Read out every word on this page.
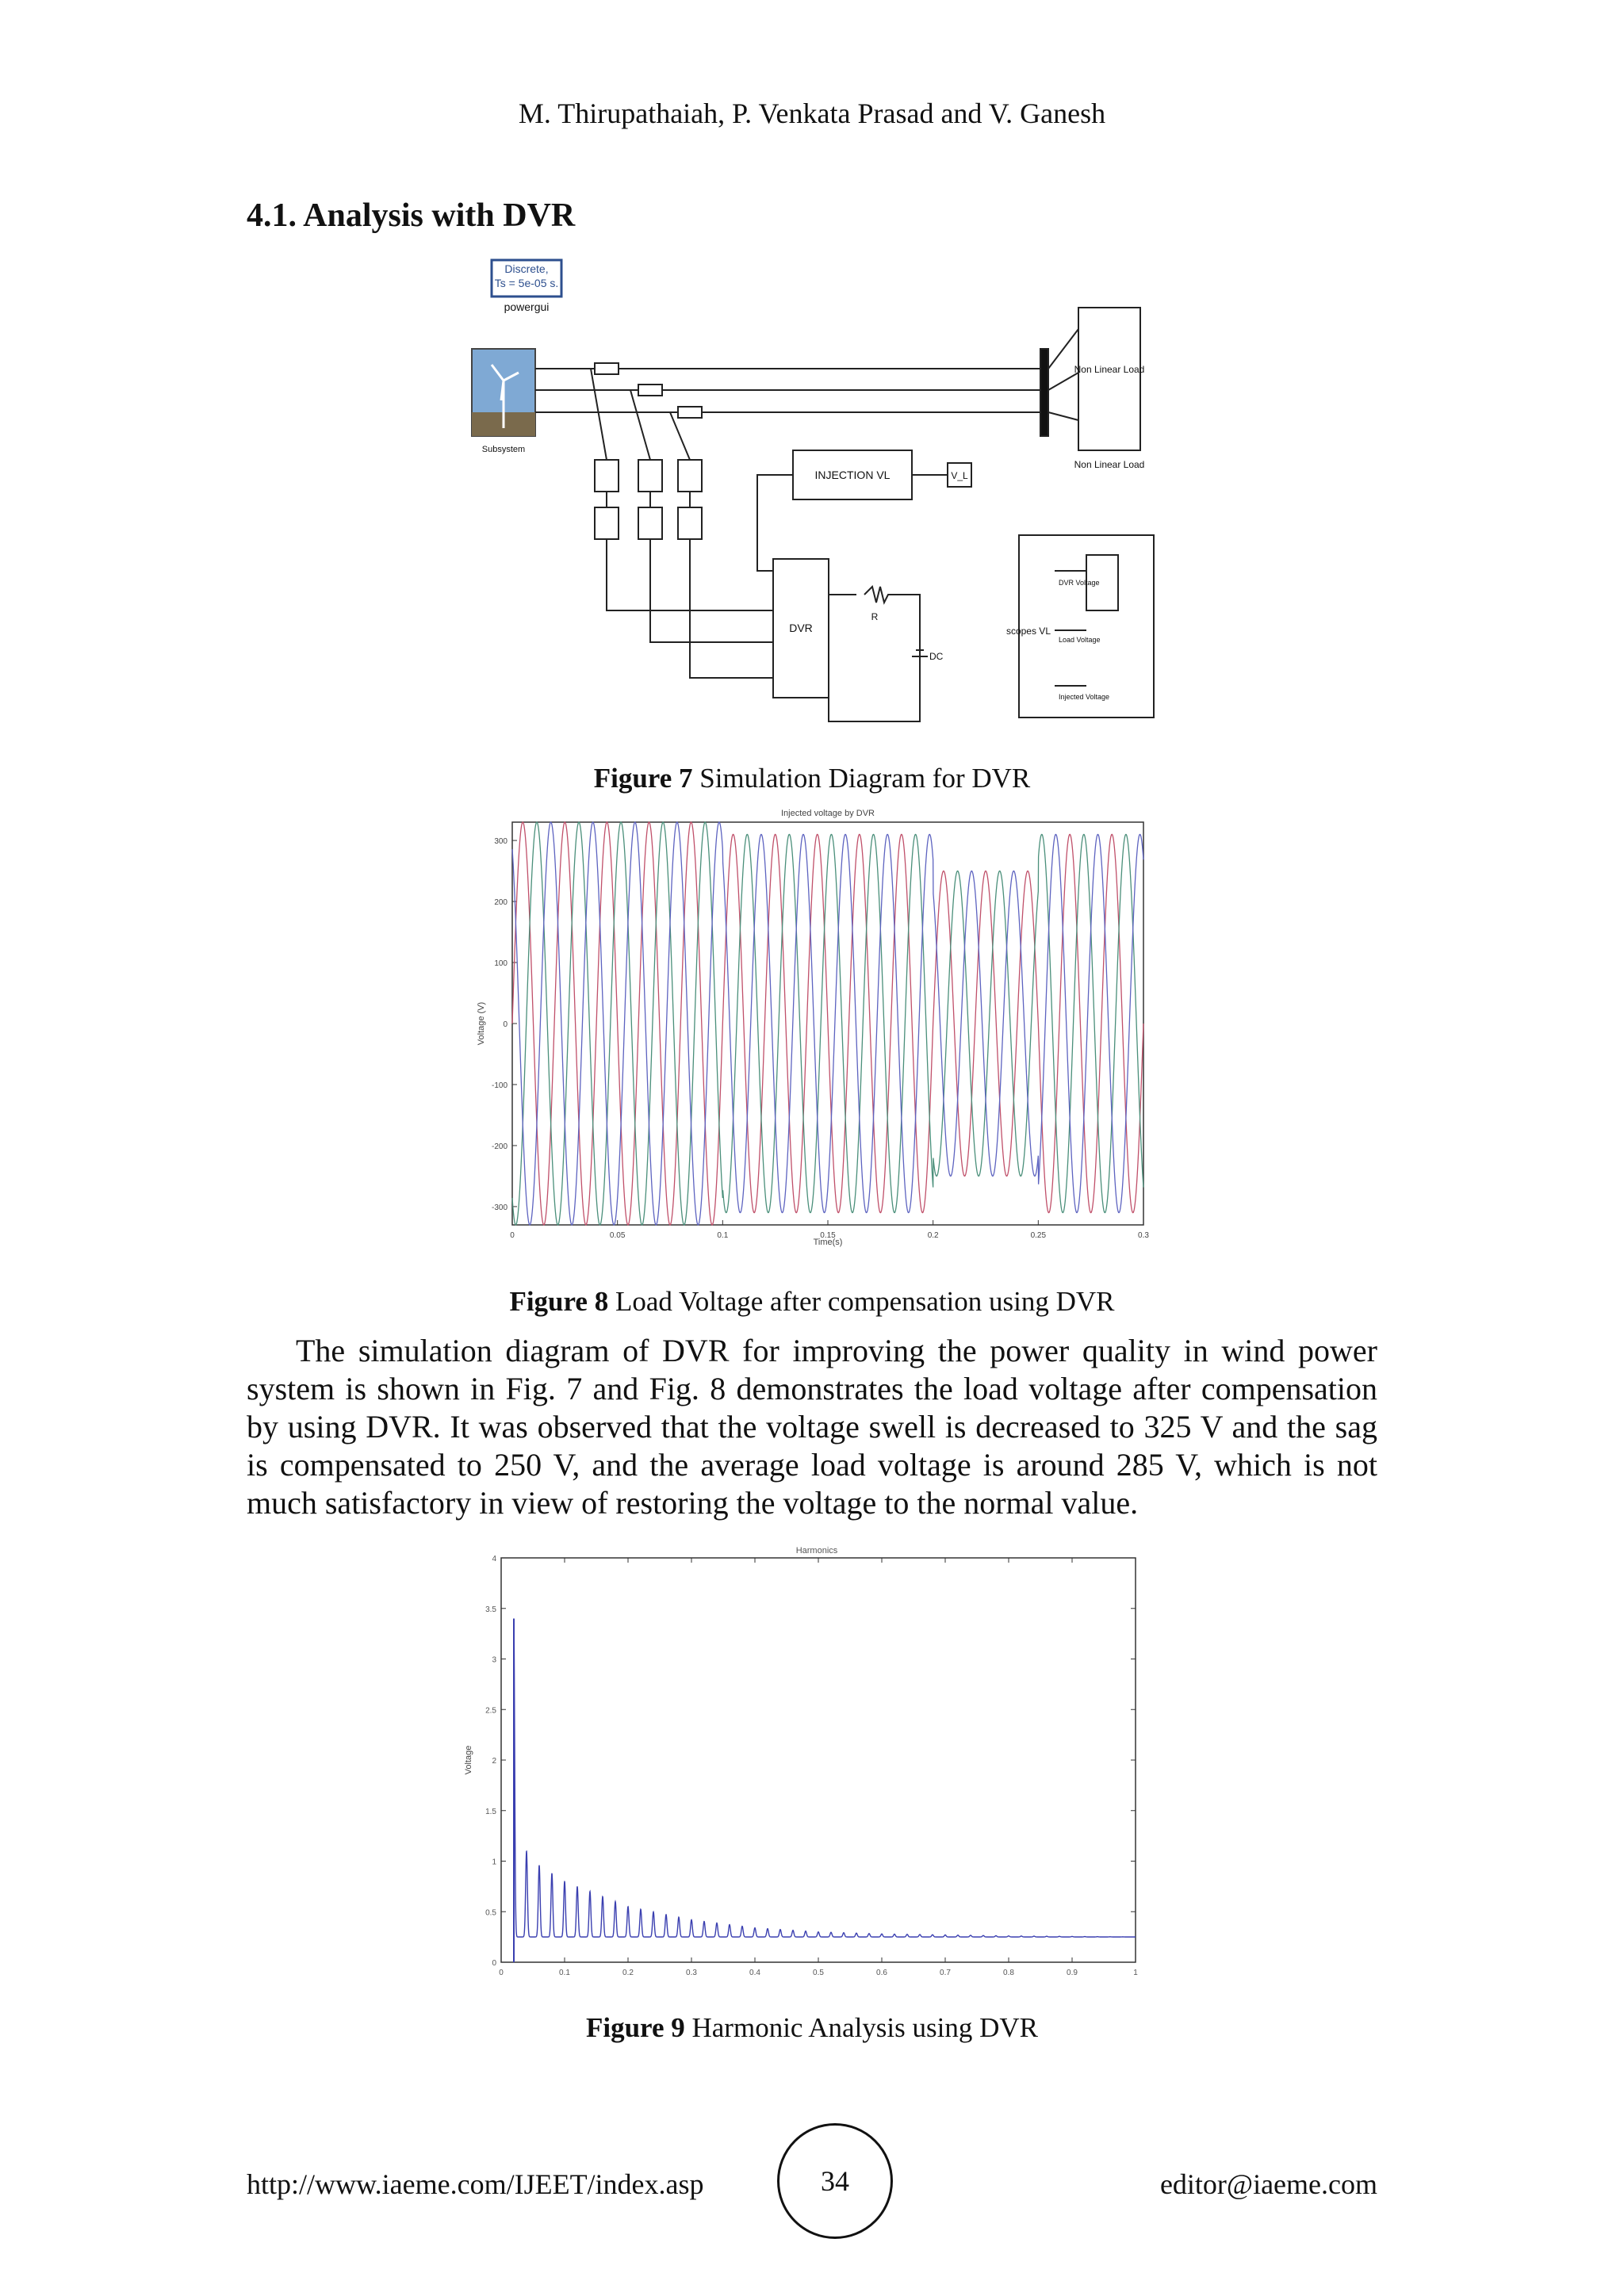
M. Thirupathaiah, P. Venkata Prasad and V. Ganesh
4.1. Analysis with DVR
Discrete,
Ts = 5e-05 s.
powergui
Subsystem
Non Linear Load
Non Linear Load
INJECTION VL	V_L
DVR
R
DC
scopes VL
DVR Voltage
Load Voltage
Injected Voltage
Figure 7 Simulation Diagram for DVR
Injected voltage by DVR
0	0.05	0.1	0.15	0.2	0.25	0.3
300
200
100
0
-100
-200
-300
Time(s)
Voltage (V)
Figure 8 Load Voltage after compensation using DVR
The simulation diagram of DVR for improving the power quality in wind power system is shown in Fig. 7 and Fig. 8 demonstrates the load voltage after compensation by using DVR. It was observed that the voltage swell is decreased to 325 V and the sag is compensated to 250 V, and the average load voltage is around 285 V, which is not much satisfactory in view of restoring the voltage to the normal value.
Harmonics
0	0.1	0.2	0.3	0.4	0.5	0.6	0.7	0.8	0.9	1
4
3.5
3
2.5
2
1.5
1
0.5
0
Voltage
Figure 9 Harmonic Analysis using DVR
http://www.iaeme.com/IJEET/index.asp	34	editor@iaeme.com
